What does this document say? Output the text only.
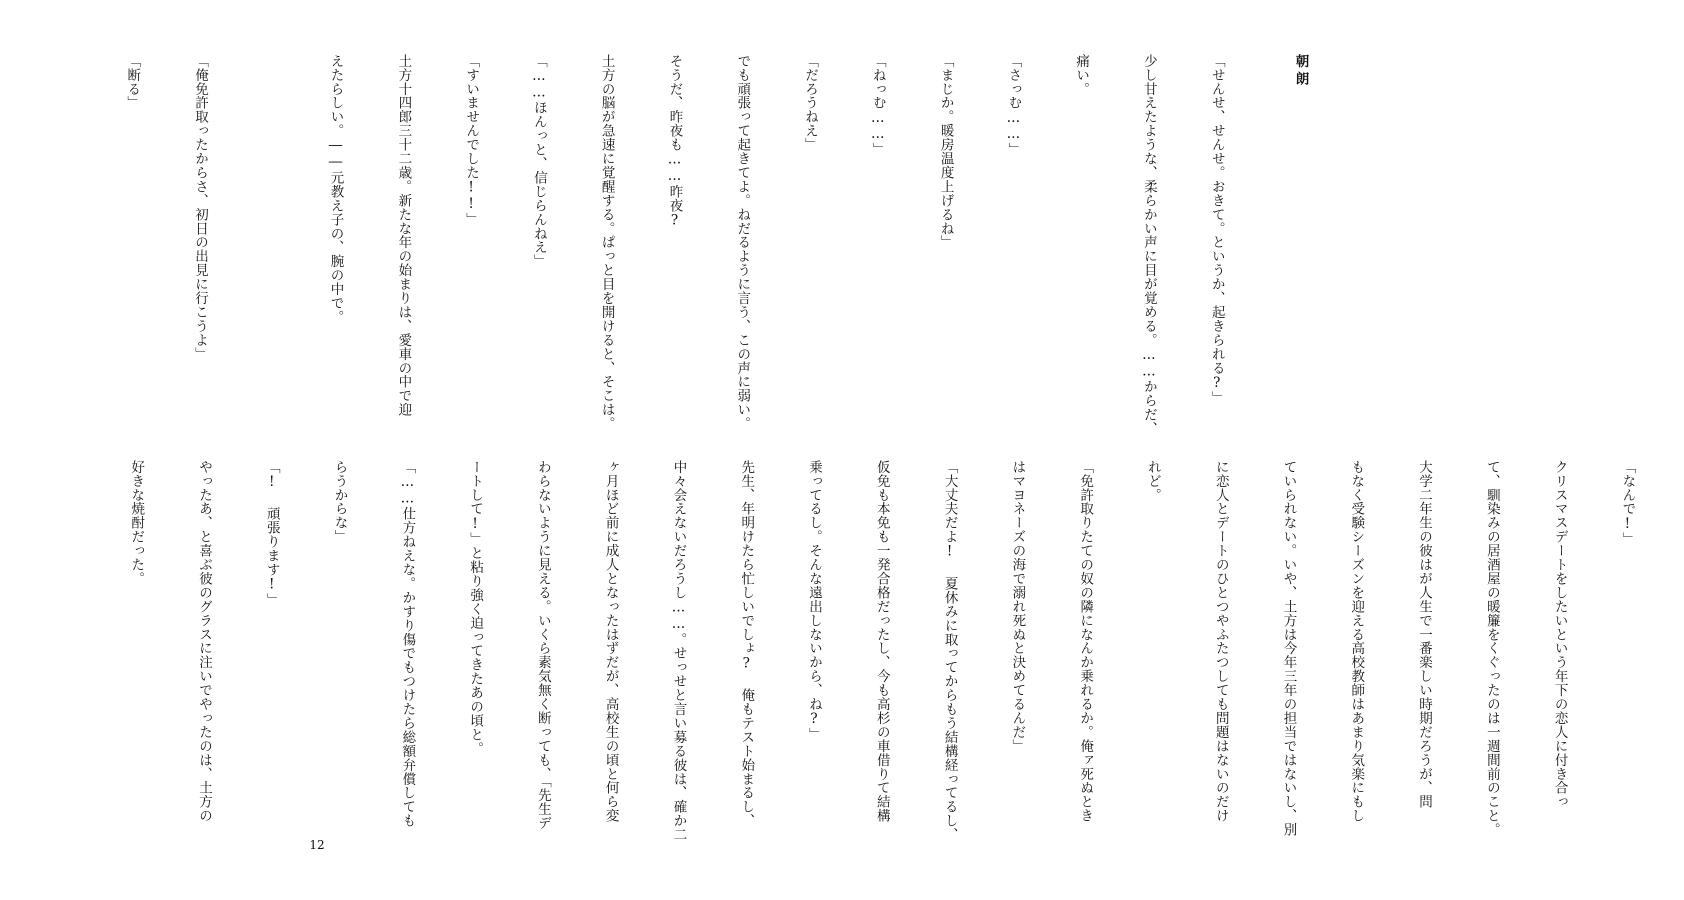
朝朗

「せんせ、せんせ。おきて。というか、起きられる?」

少し甘えたような、柔らかい声に目が覚める。……からだ、

痛い。

「さっむ……」

「まじか。暖房温度上げるね」

「ねっむ……」

「だろうねえ」

でも頑張って起きてよ。ねだるように言う、この声に弱い。

そうだ、昨夜も……昨夜?

土方の脳が急速に覚醒する。ぱっと目を開けると、そこは。

「……ほんっと、信じらんねえ」

「すいませんでした!!」

土方十四郎三十二歳。新たな年の始まりは、愛車の中で迎

えたらしい。――元教え子の、腕の中で。

「俺免許取ったからさ、初日の出見に行こうよ」

「断る」

「なんで!」

クリスマスデートをしたいという年下の恋人に付き合っ

て、馴染みの居酒屋の暖簾をくぐったのは一週間前のこと。

大学二年生の彼はが人生で一番楽しい時期だろうが、問

もなく受験シーズンを迎える高校教師はあまり気楽にもし

ていられない。いや、土方は今年三年の担当ではないし、別

に恋人とデートのひとつやふたつしても問題はないのだけ

れど。

「免許取りたての奴の隣になんか乗れるか。俺ァ死ぬとき

はマヨネーズの海で溺れ死ぬと決めてるんだ」

「大丈夫だよ! 夏休みに取ってからもう結構経ってるし、

仮免も本免も一発合格だったし、今も高杉の車借りて結構

乗ってるし。そんな遠出しないから、ね?」

先生、年明けたら忙しいでしょ? 俺もテスト始まるし、

中々会えないだろうし……。せっせと言い募る彼は、確か二

ヶ月ほど前に成人となったはずだが、高校生の頃と何ら変

わらないように見える。いくら素気無く断っても、「先生デ

ートして!」と粘り強く迫ってきたあの頃と。

「……仕方ねえな。かすり傷でもつけたら総額弁償しても

らうからな」

「! 頑張ります!」

やったあ、と喜ぶ彼のグラスに注いでやったのは、土方の

好きな焼酎だった。

12
